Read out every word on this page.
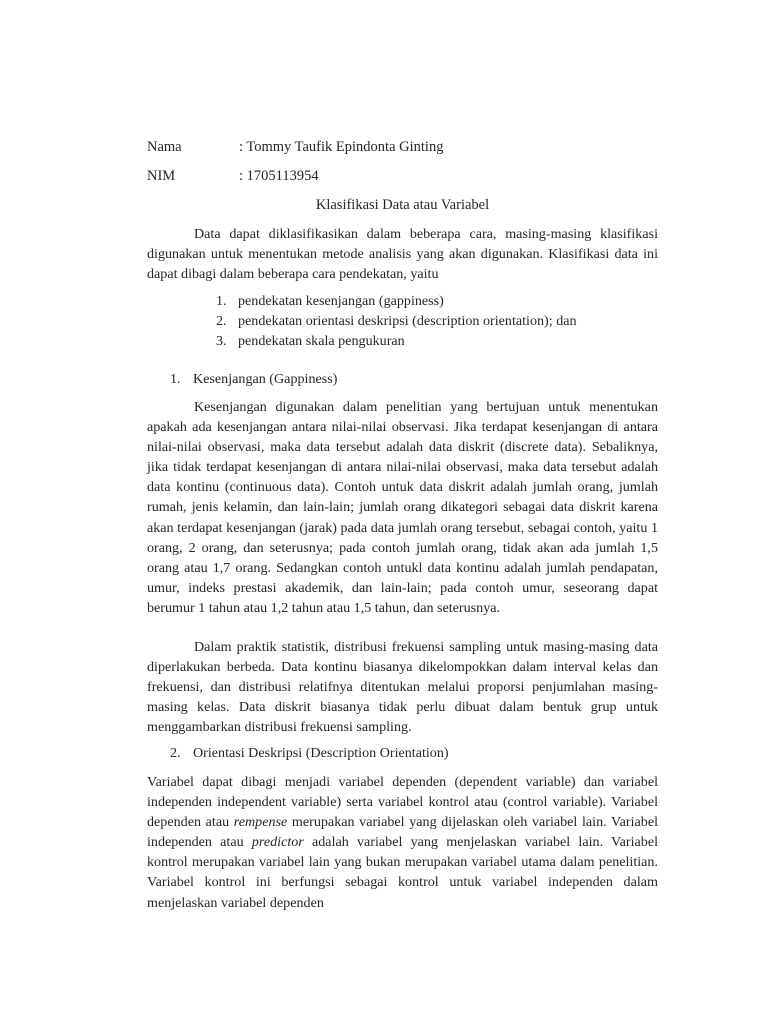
Nama	: Tommy Taufik Epindonta Ginting
NIM	: 1705113954
Klasifikasi Data atau Variabel

Data dapat diklasifikasikan dalam beberapa cara, masing-masing klasifikasi digunakan untuk menentukan metode analisis yang akan digunakan. Klasifikasi data ini dapat dibagi dalam beberapa cara pendekatan, yaitu

1. pendekatan kesenjangan (gappiness)
2. pendekatan orientasi deskripsi (description orientation); dan
3. pendekatan skala pengukuran
1. Kesenjangan (Gappiness)

Kesenjangan digunakan dalam penelitian yang bertujuan untuk menentukan apakah ada kesenjangan antara nilai-nilai observasi. Jika terdapat kesenjangan di antara nilai-nilai observasi, maka data tersebut adalah data diskrit (discrete data). Sebaliknya, jika tidak terdapat kesenjangan di antara nilai-nilai observasi, maka data tersebut adalah data kontinu (continuous data). Contoh untuk data diskrit adalah jumlah orang, jumlah rumah, jenis kelamin, dan lain-lain; jumlah orang dikategori sebagai data diskrit karena akan terdapat kesenjangan (jarak) pada data jumlah orang tersebut, sebagai contoh, yaitu 1 orang, 2 orang, dan seterusnya; pada contoh jumlah orang, tidak akan ada jumlah 1,5 orang atau 1,7 orang. Sedangkan contoh untukl data kontinu adalah jumlah pendapatan, umur, indeks prestasi akademik, dan lain-lain; pada contoh umur, seseorang dapat berumur 1 tahun atau 1,2 tahun atau 1,5 tahun, dan seterusnya.

Dalam praktik statistik, distribusi frekuensi sampling untuk masing-masing data diperlakukan berbeda. Data kontinu biasanya dikelompokkan dalam interval kelas dan frekuensi, dan distribusi relatifnya ditentukan melalui proporsi penjumlahan masing-masing kelas. Data diskrit biasanya tidak perlu dibuat dalam bentuk grup untuk menggambarkan distribusi frekuensi sampling.

2. Orientasi Deskripsi (Description Orientation)

Variabel dapat dibagi menjadi variabel dependen (dependent variable) dan variabel independen independent variable) serta variabel kontrol atau (control variable). Variabel dependen atau rempense merupakan variabel yang dijelaskan oleh variabel lain. Variabel independen atau predictor adalah variabel yang menjelaskan variabel lain. Variabel kontrol merupakan variabel lain yang bukan merupakan variabel utama dalam penelitian. Variabel kontrol ini berfungsi sebagai kontrol untuk variabel independen dalam menjelaskan variabel dependen
